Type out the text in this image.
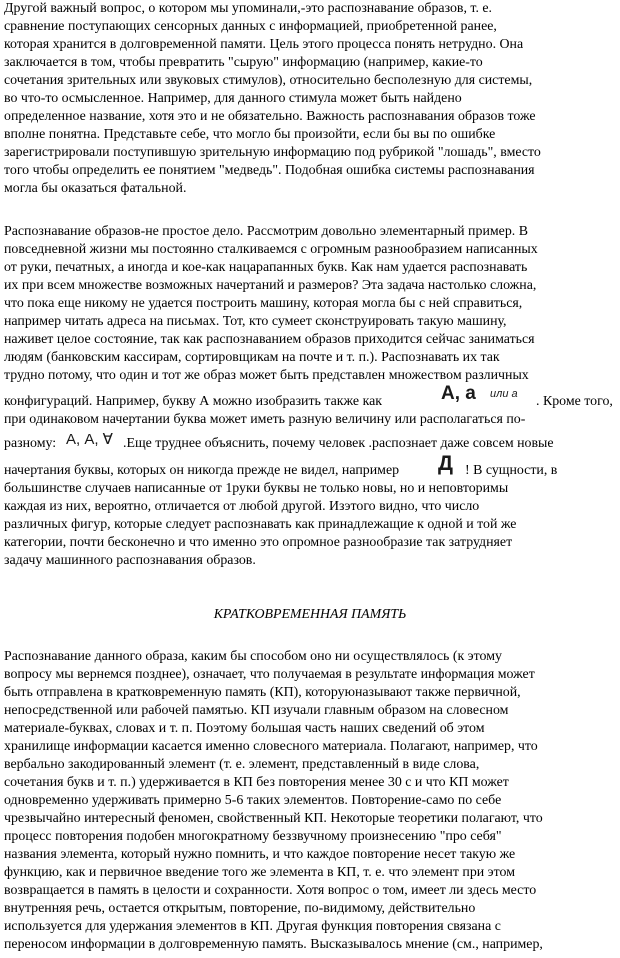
Другой важный вопрос, о котором мы упоминали,-это распознавание образов, т. е.
сравнение поступающих сенсорных данных с информацией, приобретенной ранее,
которая хранится в долговременной памяти. Цель этого процесса понять нетрудно. Она
заключается в том, чтобы превратить "сырую" информацию (например, какие-то
сочетания зрительных или звуковых стимулов), относительно бесполезную для системы,
во что-то осмысленное. Например, для данного стимула может быть найдено
определенное название, хотя это и не обязательно. Важность распознавания образов тоже
вполне понятна. Представьте себе, что могло бы произойти, если бы вы по ошибке
зарегистрировали поступившую зрительную информацию под рубрикой "лошадь", вместо
того чтобы определить ее понятием "медведь". Подобная ошибка системы распознавания
могла бы оказаться фатальной.
Распознавание образов-не простое дело. Рассмотрим довольно элементарный пример. В
повседневной жизни мы постоянно сталкиваемся с огромным разнообразием написанных
от руки, печатных, а иногда и кое-как нацарапанных букв. Как нам удается распознавать
их при всем множестве возможных начертаний и размеров? Эта задача настолько сложна,
что пока еще никому не удается построить машину, которая могла бы с ней справиться,
например читать адреса на письмах. Тот, кто сумеет сконструировать такую машину,
наживет целое состояние, так как распознаванием образов приходится сейчас заниматься
людям (банковским кассирам, сортировщикам на почте и т. п.). Распознавать их так
трудно потому, что один и тот же образ может быть представлен множеством различных
конфигураций. Например, букву А можно изобразить также как	А, а или а . Кроме того,
при одинаковом начертании буква может иметь разную величину или располагаться по-
разному: А, А, Ɐ .Еще труднее объяснить, почему человек .распознает даже совсем новые
начертания буквы, которых он никогда прежде не видел, например Д ! В сущности, в
большинстве случаев написанные от 1руки буквы не только новы, но и неповторимы
каждая из них, вероятно, отличается от любой другой. Изэтого видно, что число
различных фигур, которые следует распознавать как принадлежащие к одной и той же
категории, почти бесконечно и что именно это опромное разнообразие так затрудняет
задачу машинного распознавания образов.
КРАТКОВРЕМЕННАЯ ПАМЯТЬ
Распознавание данного образа, каким бы способом оно ни осуществлялось (к этому
вопросу мы вернемся позднее), означает, что получаемая в результате информация может
быть отправлена в кратковременную память (КП), которуюназывают также первичной,
непосредственной или рабочей памятью. КП изучали главным образом на словесном
материале-буквах, словах и т. п. Поэтому большая часть наших сведений об этом
хранилище информации касается именно словесного материала. Полагают, например, что
вербально закодированный элемент (т. е. элемент, представленный в виде слова,
сочетания букв и т. п.) удерживается в КП без повторения менее 30 с и что КП может
одновременно удерживать примерно 5-6 таких элементов. Повторение-само по себе
чрезвычайно интересный феномен, свойственный КП. Некоторые теоретики полагают, что
процесс повторения подобен многократному беззвучному произнесению "про себя"
названия элемента, который нужно помнить, и что каждое повторение несет такую же
функцию, как и первичное введение того же элемента в КП, т. е. что элемент при этом
возвращается в память в целости и сохранности. Хотя вопрос о том, имеет ли здесь место
внутренняя речь, остается открытым, повторение, по-видимому, действительно
используется для удержания элементов в КП. Другая функция повторения связана с
переносом информации в долговременную память. Высказывалось мнение (см., например,
